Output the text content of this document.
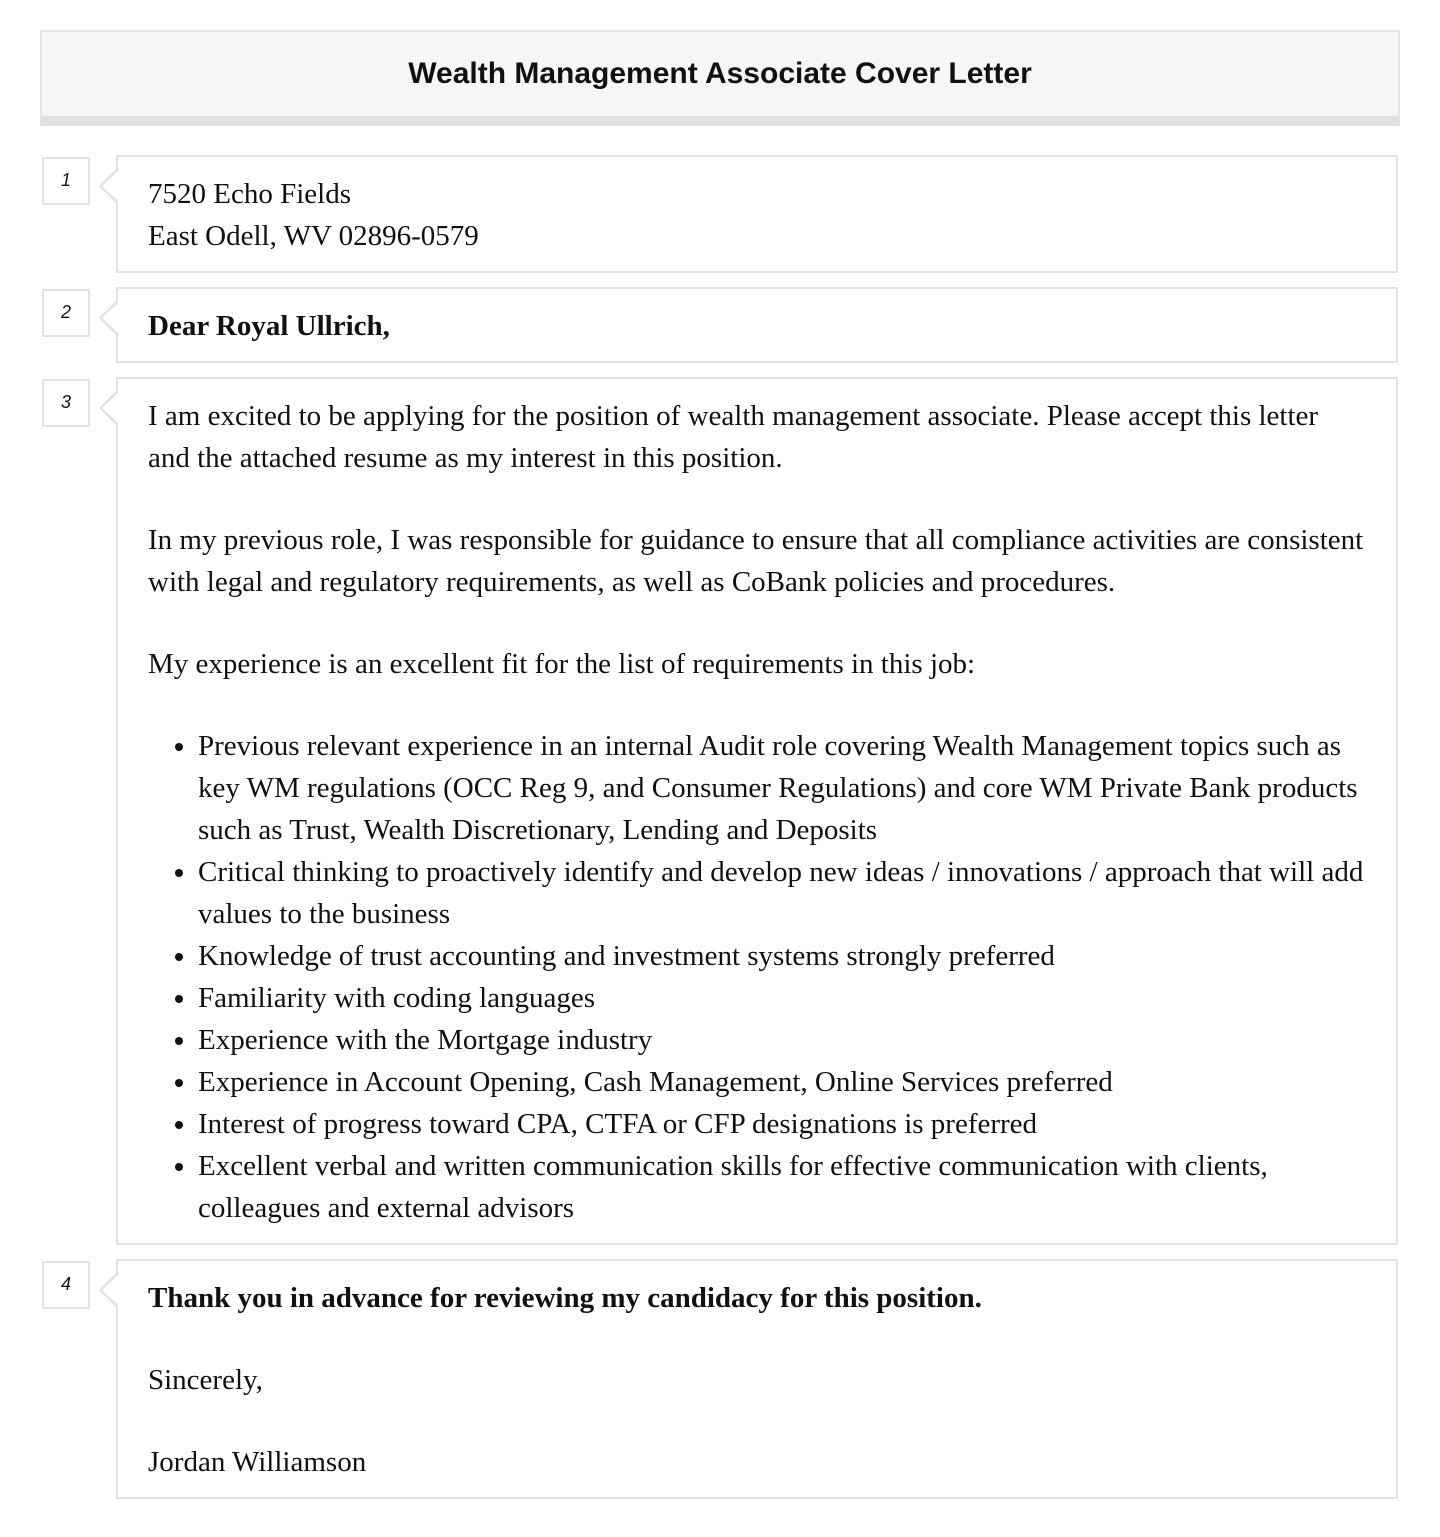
Wealth Management Associate Cover Letter
1	7520 Echo Fields
East Odell, WV 02896-0579
2	Dear Royal Ullrich,
3	I am excited to be applying for the position of wealth management associate. Please accept this letter and the attached resume as my interest in this position.

In my previous role, I was responsible for guidance to ensure that all compliance activities are consistent with legal and regulatory requirements, as well as CoBank policies and procedures.

My experience is an excellent fit for the list of requirements in this job:

• Previous relevant experience in an internal Audit role covering Wealth Management topics such as key WM regulations (OCC Reg 9, and Consumer Regulations) and core WM Private Bank products such as Trust, Wealth Discretionary, Lending and Deposits
• Critical thinking to proactively identify and develop new ideas / innovations / approach that will add values to the business
• Knowledge of trust accounting and investment systems strongly preferred
• Familiarity with coding languages
• Experience with the Mortgage industry
• Experience in Account Opening, Cash Management, Online Services preferred
• Interest of progress toward CPA, CTFA or CFP designations is preferred
• Excellent verbal and written communication skills for effective communication with clients, colleagues and external advisors
4	Thank you in advance for reviewing my candidacy for this position.

Sincerely,

Jordan Williamson
